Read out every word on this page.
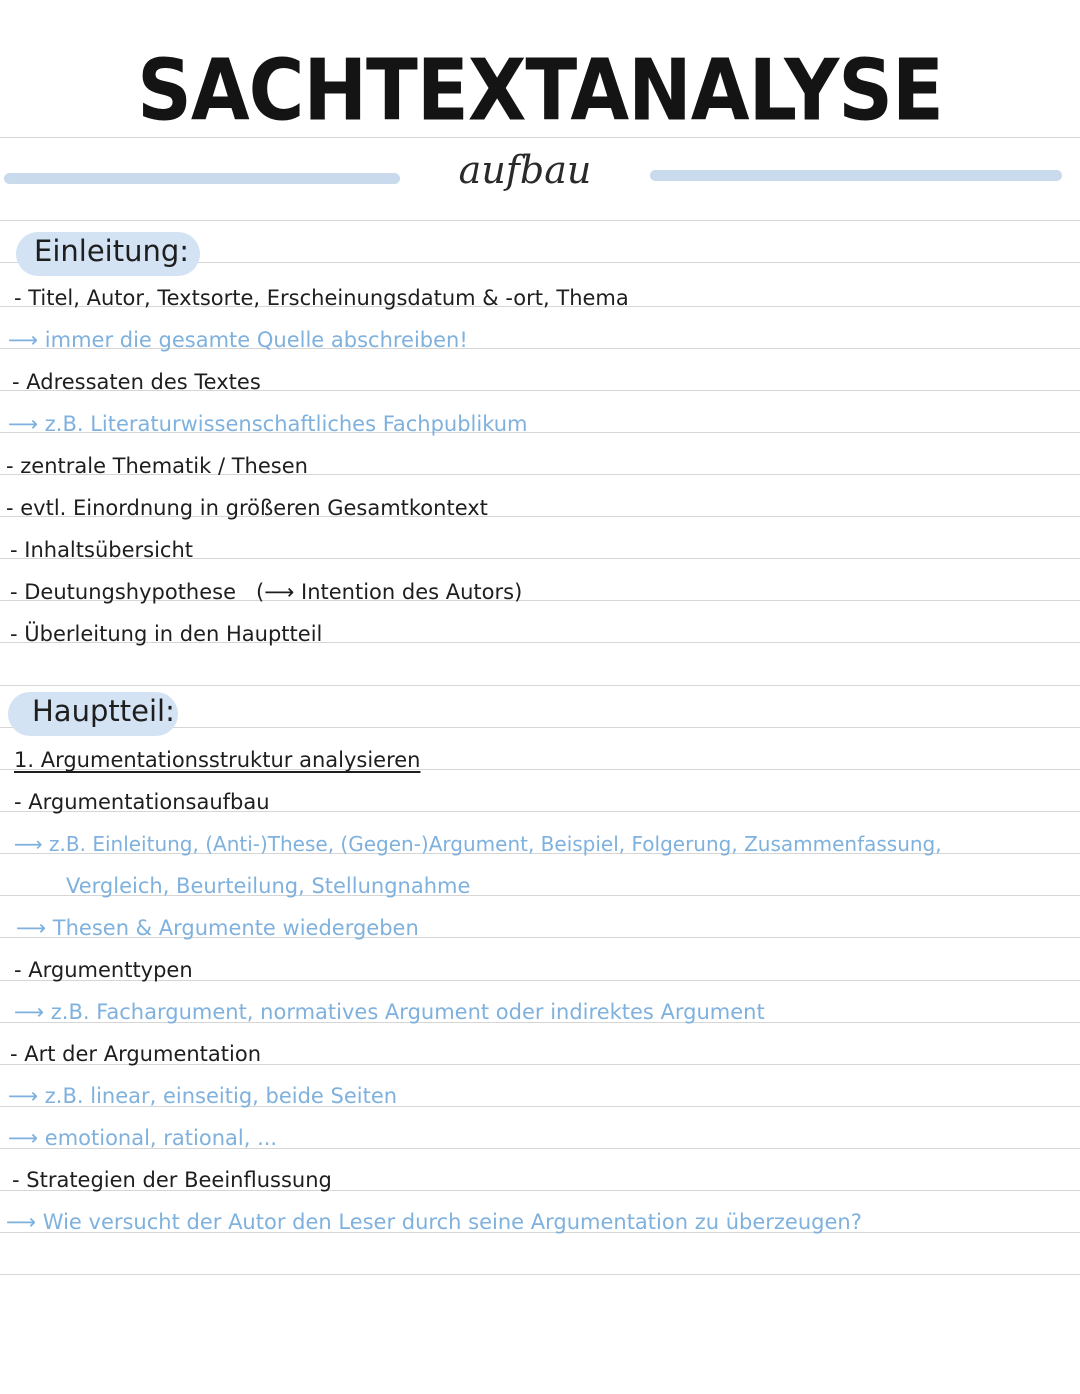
SACHTEXTANALYSE
aufbau
Einleitung:
- Titel, Autor, Textsorte, Erscheinungsdatum & -ort, Thema
⟶ immer die gesamte Quelle abschreiben!
- Adressaten des Textes
⟶ z.B. Literaturwissenschaftliches Fachpublikum
- zentrale Thematik / Thesen
- evtl. Einordnung in größeren Gesamtkontext
- Inhaltsübersicht
- Deutungshypothese   (⟶ Intention des Autors)
- Überleitung in den Hauptteil
Hauptteil:
1. Argumentationsstruktur analysieren
- Argumentationsaufbau
⟶ z.B. Einleitung, (Anti-)These, (Gegen-)Argument, Beispiel, Folgerung, Zusammenfassung,
Vergleich, Beurteilung, Stellungnahme
⟶ Thesen & Argumente wiedergeben
- Argumenttypen
⟶ z.B. Fachargument, normatives Argument oder indirektes Argument
- Art der Argumentation
⟶ z.B. linear, einseitig, beide Seiten
⟶ emotional, rational, ...
- Strategien der Beeinflussung
⟶ Wie versucht der Autor den Leser durch seine Argumentation zu überzeugen?
